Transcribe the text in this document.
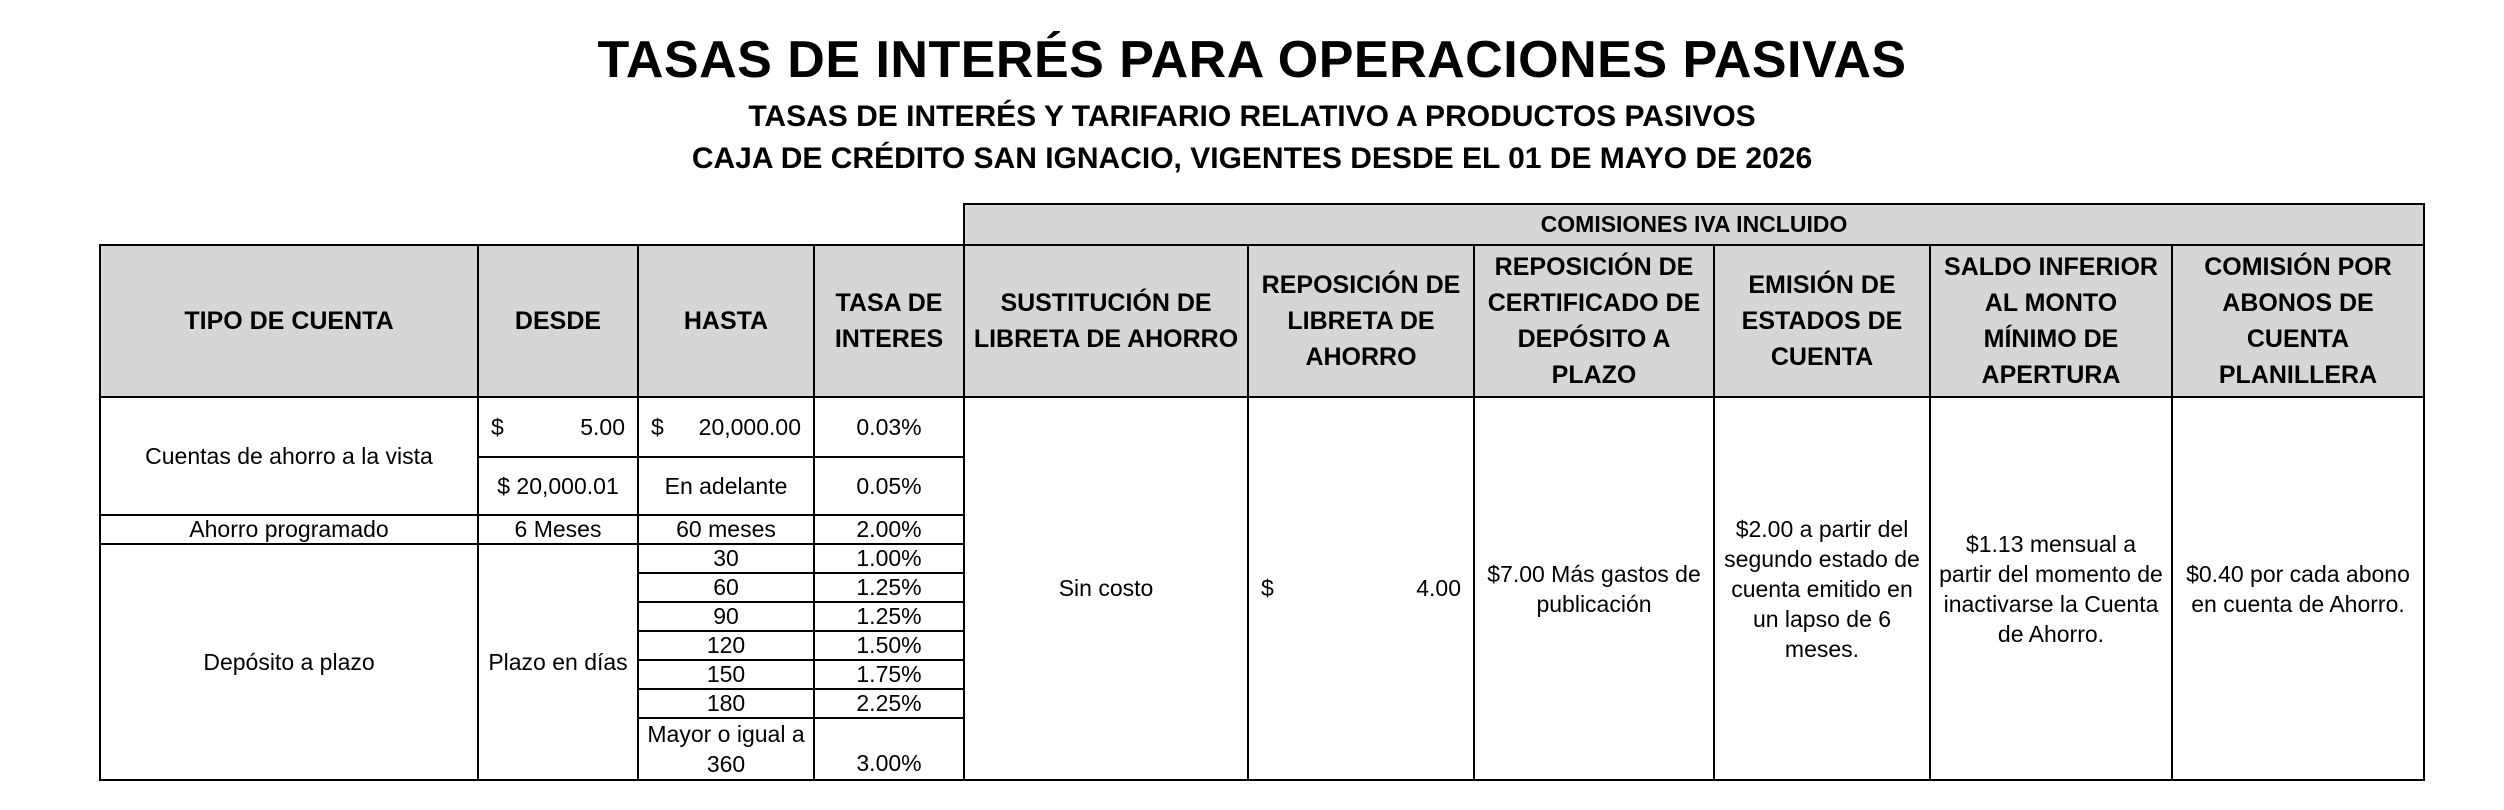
TASAS DE INTERÉS PARA OPERACIONES PASIVAS
TASAS DE INTERÉS Y TARIFARIO RELATIVO A PRODUCTOS PASIVOS
CAJA DE CRÉDITO SAN IGNACIO, VIGENTES DESDE EL 01 DE MAYO DE 2026
				COMISIONES IVA INCLUIDO					
TIPO DE CUENTA	DESDE	HASTA	TASA DE INTERES	SUSTITUCIÓN DE LIBRETA DE AHORRO	REPOSICIÓN DE LIBRETA DE AHORRO	REPOSICIÓN DE CERTIFICADO DE DEPÓSITO A PLAZO	EMISIÓN DE ESTADOS DE CUENTA	SALDO INFERIOR AL MONTO MÍNIMO DE APERTURA	COMISIÓN POR ABONOS DE CUENTA PLANILLERA
Cuentas de ahorro a la vista	$ 5.00	$ 20,000.00	0.03%	Sin costo	$ 4.00	$7.00 Más gastos de publicación	$2.00 a partir del segundo estado de cuenta emitido en un lapso de 6 meses.	$1.13 mensual a partir del momento de inactivarse la Cuenta de Ahorro.	$0.40 por cada abono en cuenta de Ahorro.
	$ 20,000.01	En adelante	0.05%						
Ahorro programado	6 Meses	60 meses	2.00%						
Depósito a plazo	Plazo en días	30	1.00%						
		60	1.25%						
		90	1.25%						
		120	1.50%						
		150	1.75%						
		180	2.25%						
		Mayor o igual a 360	3.00%						
